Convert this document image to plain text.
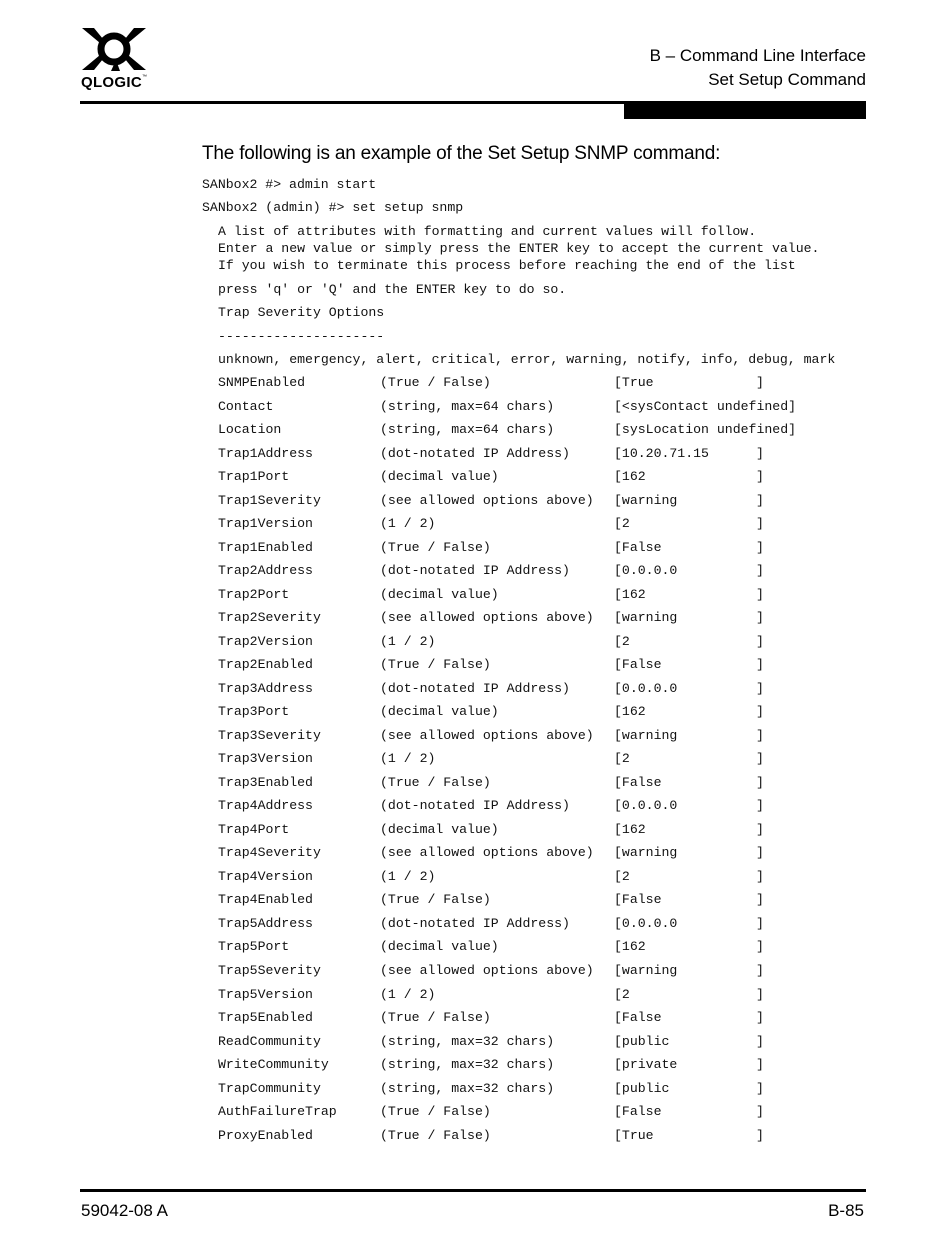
QLOGIC™
B – Command Line Interface
Set Setup Command
The following is an example of the Set Setup SNMP command:
SANbox2 #> admin start
SANbox2 (admin) #> set setup snmp
A list of attributes with formatting and current values will follow.
Enter a new value or simply press the ENTER key to accept the current value.
If you wish to terminate this process before reaching the end of the list
press 'q' or 'Q' and the ENTER key to do so.
Trap Severity Options
---------------------
unknown, emergency, alert, critical, error, warning, notify, info, debug, mark
SNMPEnabled	(True / False)	[True	]
Contact	(string, max=64 chars)	[<sysContact undefined]
Location	(string, max=64 chars)	[sysLocation undefined]
Trap1Address	(dot-notated IP Address)	[10.20.71.15	]
Trap1Port	(decimal value)	[162	]
Trap1Severity	(see allowed options above) [warning	]
Trap1Version	(1 / 2)	[2	]
Trap1Enabled	(True / False)	[False	]
Trap2Address	(dot-notated IP Address)	[0.0.0.0	]
Trap2Port	(decimal value)	[162	]
Trap2Severity	(see allowed options above) [warning	]
Trap2Version	(1 / 2)	[2	]
Trap2Enabled	(True / False)	[False	]
Trap3Address	(dot-notated IP Address)	[0.0.0.0	]
Trap3Port	(decimal value)	[162	]
Trap3Severity	(see allowed options above) [warning	]
Trap3Version	(1 / 2)	[2	]
Trap3Enabled	(True / False)	[False	]
Trap4Address	(dot-notated IP Address)	[0.0.0.0	]
Trap4Port	(decimal value)	[162	]
Trap4Severity	(see allowed options above) [warning	]
Trap4Version	(1 / 2)	[2	]
Trap4Enabled	(True / False)	[False	]
Trap5Address	(dot-notated IP Address)	[0.0.0.0	]
Trap5Port	(decimal value)	[162	]
Trap5Severity	(see allowed options above) [warning	]
Trap5Version	(1 / 2)	[2	]
Trap5Enabled	(True / False)	[False	]
ReadCommunity	(string, max=32 chars)	[public	]
WriteCommunity	(string, max=32 chars)	[private	]
TrapCommunity	(string, max=32 chars)	[public	]
AuthFailureTrap	(True / False)	[False	]
ProxyEnabled	(True / False)	[True	]
59042-08 A	B-85
